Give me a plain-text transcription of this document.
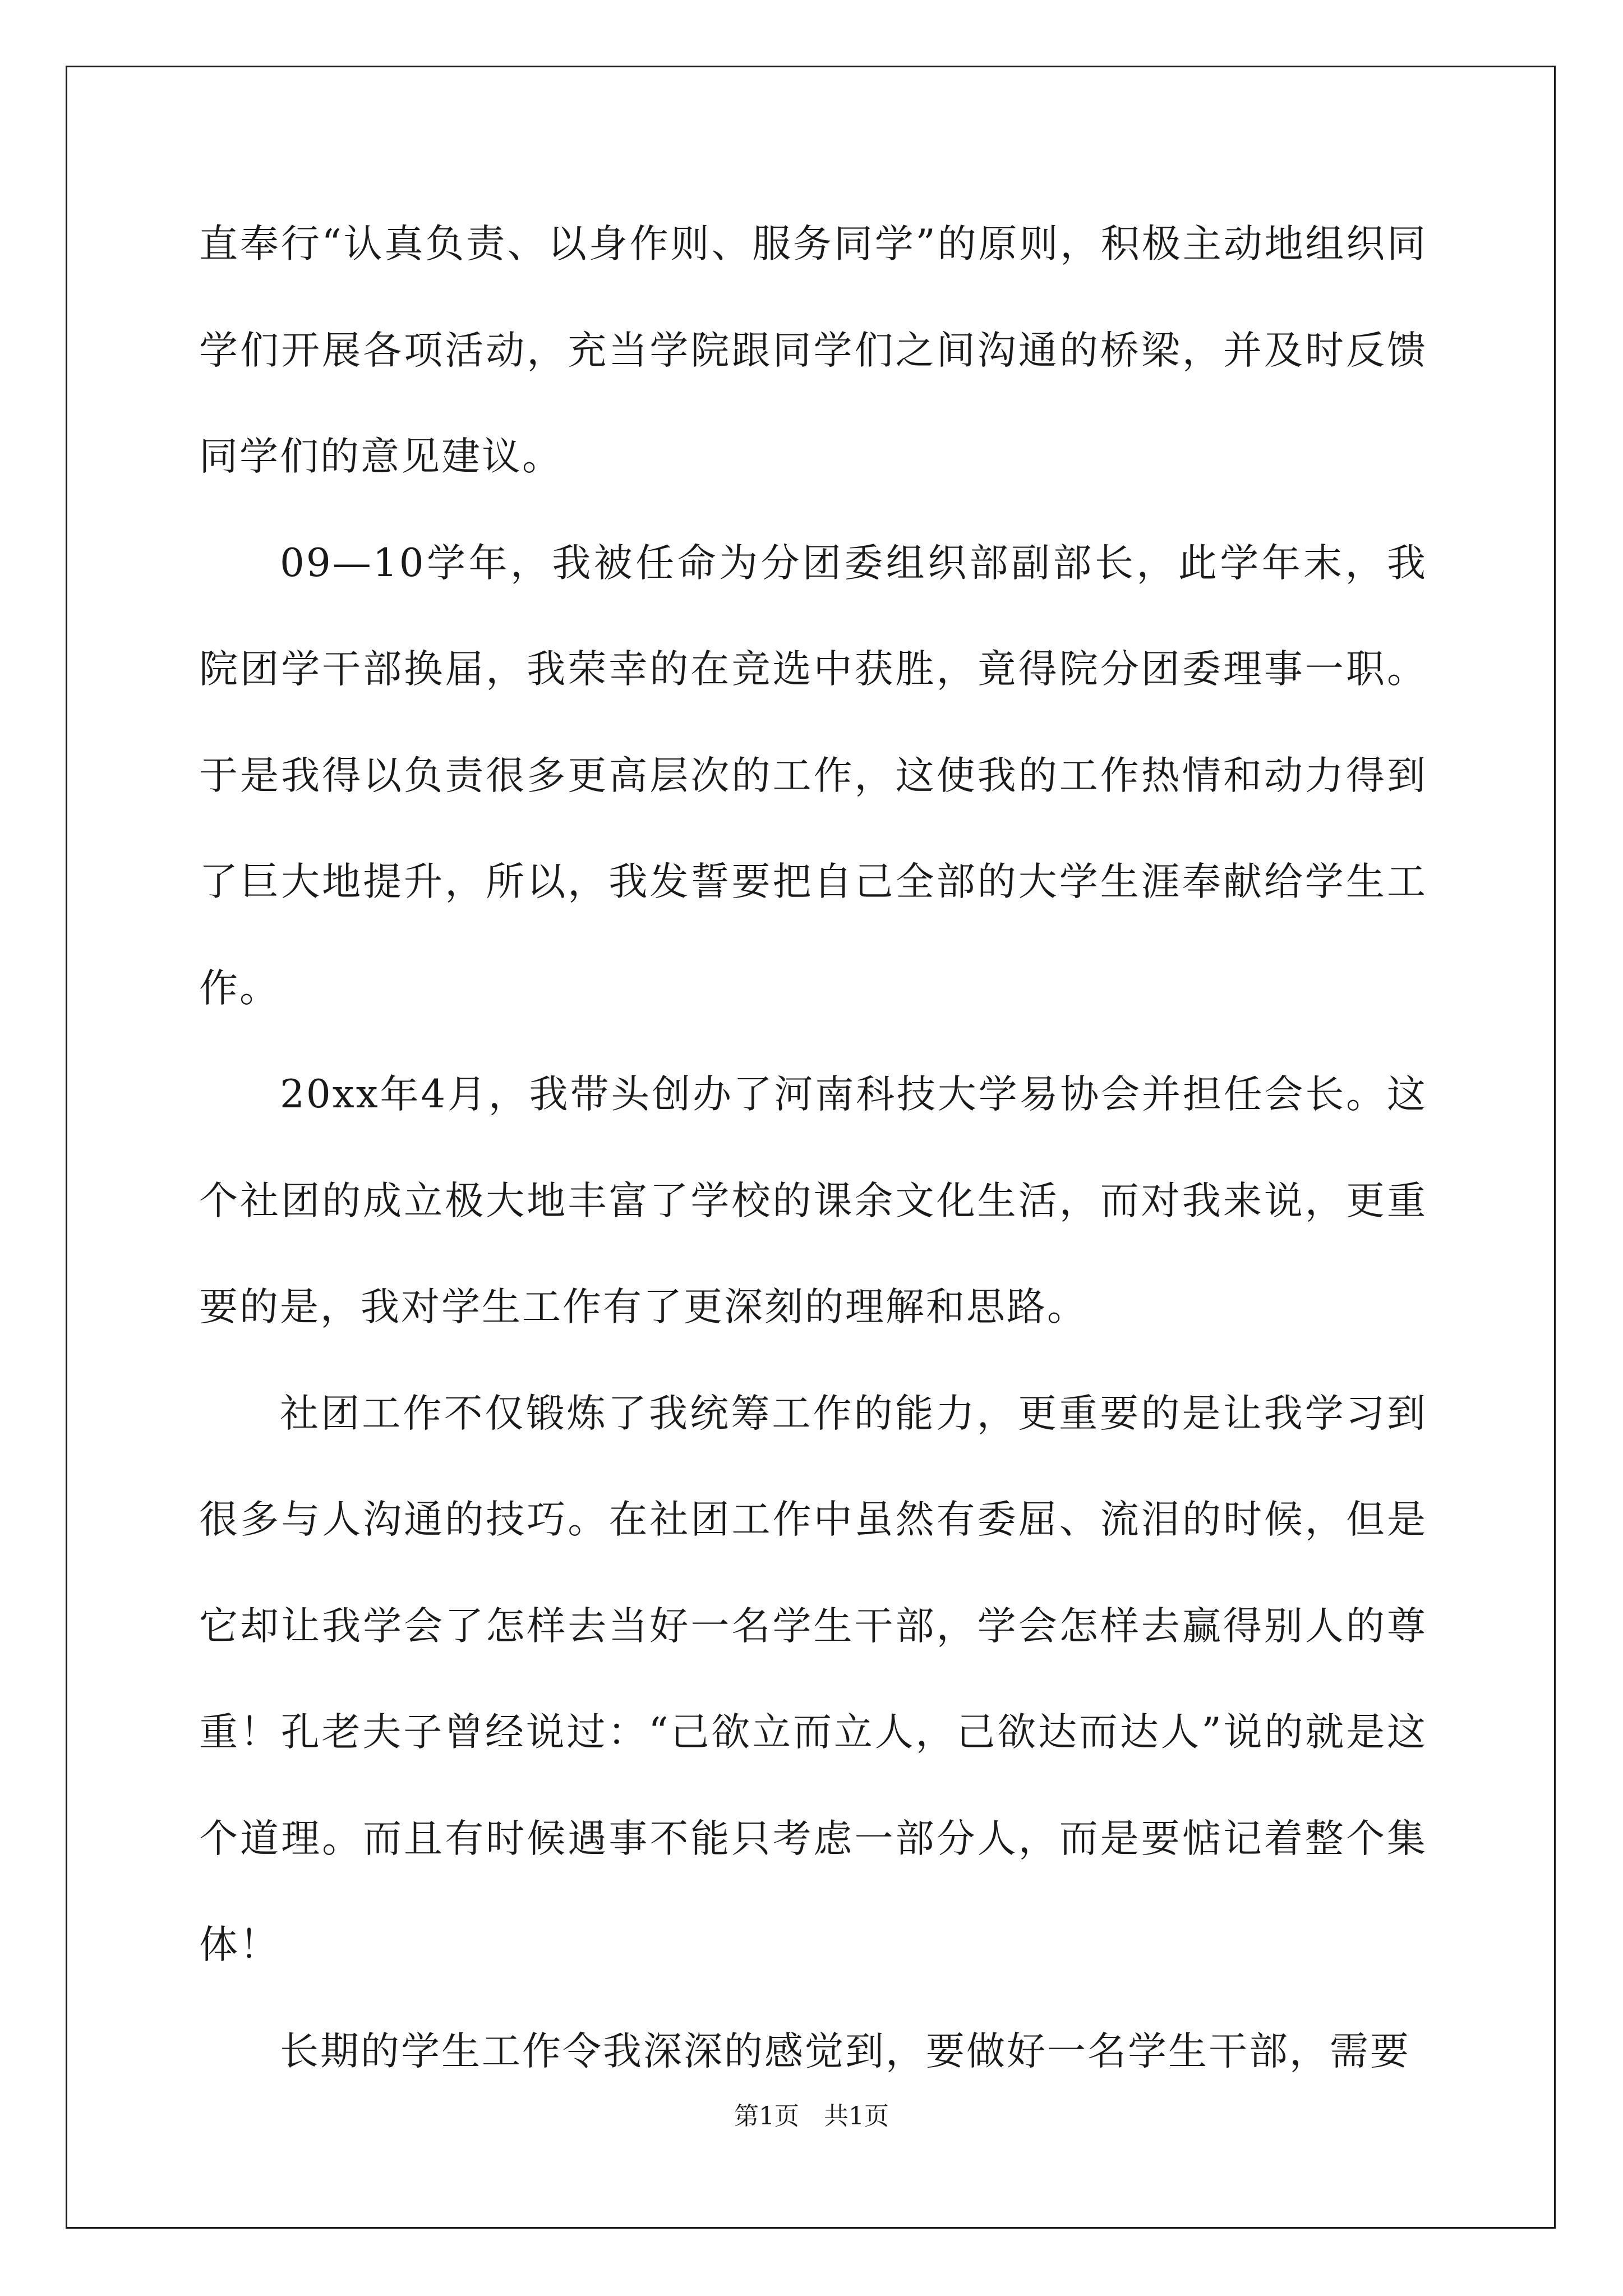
直奉行“认真负责、以身作则、服务同学”的原则，积极主动地组织同学们开展各项活动，充当学院跟同学们之间沟通的桥梁，并及时反馈同学们的意见建议。

09—10学年，我被任命为分团委组织部副部长，此学年末，我院团学干部换届，我荣幸的在竞选中获胜，竟得院分团委理事一职。于是我得以负责很多更高层次的工作，这使我的工作热情和动力得到了巨大地提升，所以，我发誓要把自己全部的大学生涯奉献给学生工作。

20xx年4月，我带头创办了河南科技大学易协会并担任会长。这个社团的成立极大地丰富了学校的课余文化生活，而对我来说，更重要的是，我对学生工作有了更深刻的理解和思路。

社团工作不仅锻炼了我统筹工作的能力，更重要的是让我学习到很多与人沟通的技巧。在社团工作中虽然有委屈、流泪的时候，但是它却让我学会了怎样去当好一名学生干部，学会怎样去赢得别人的尊重！孔老夫子曾经说过：“己欲立而立人，己欲达而达人”说的就是这个道理。而且有时候遇事不能只考虑一部分人，而是要惦记着整个集体！

长期的学生工作令我深深的感觉到，要做好一名学生干部，需要

第1页　共1页
